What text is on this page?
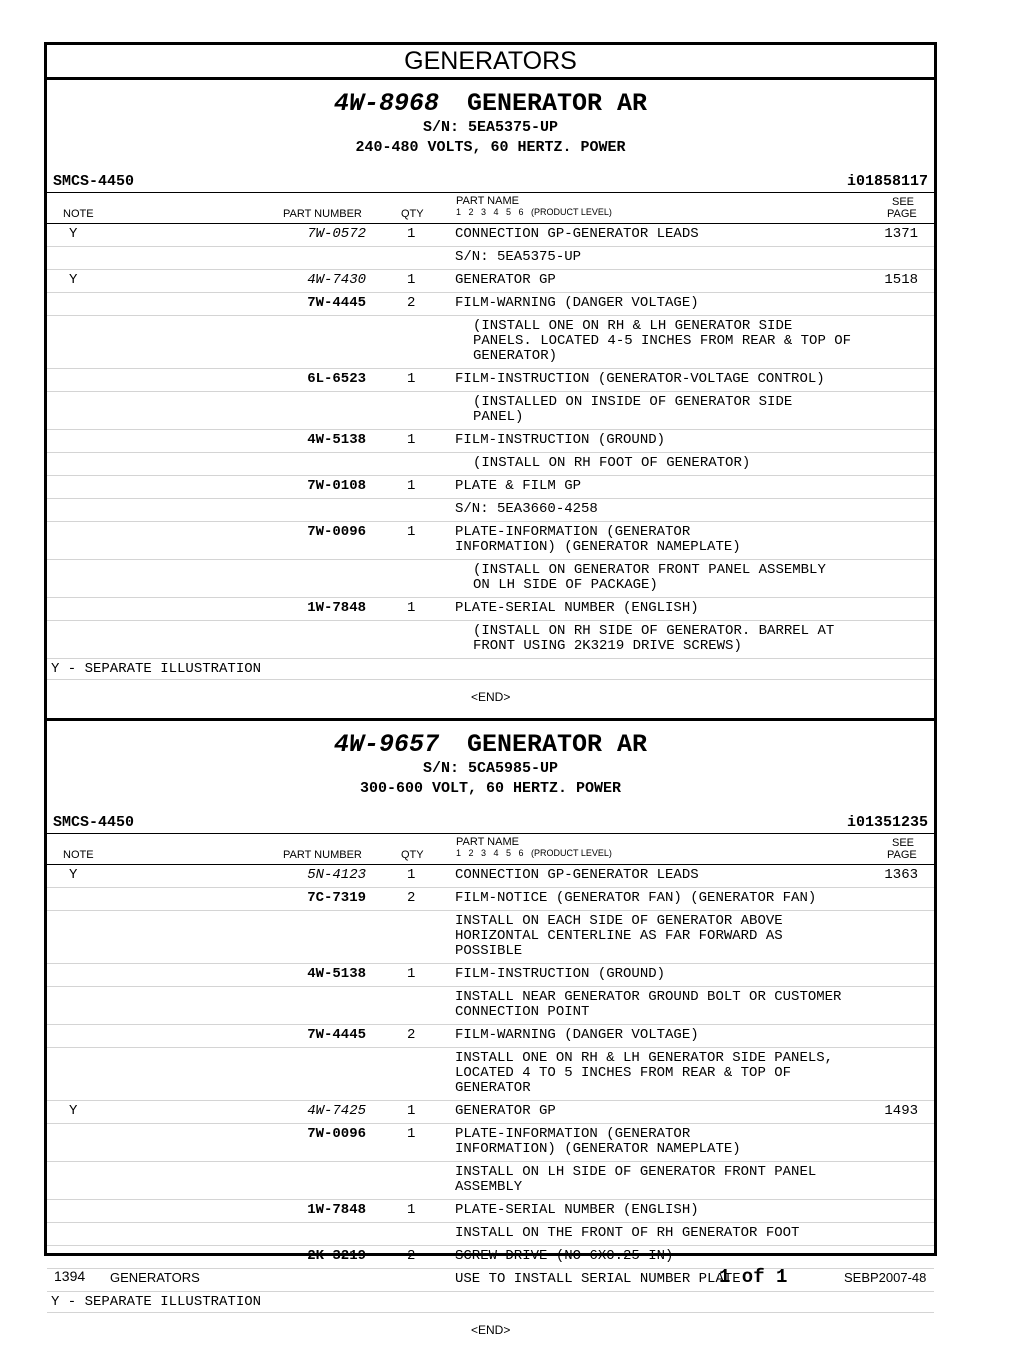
GENERATORS
4W-8968 GENERATOR AR
S/N: 5EA5375-UP
240-480 VOLTS, 60 HERTZ. POWER
SMCS-4450	i01858117
NOTE	PART NUMBER	QTY
PART NAME
1   2   3   4   5   6   (PRODUCT LEVEL)
SEE
PAGE
Y	7W-0572	1	CONNECTION GP-GENERATOR LEADS	1371
S/N: 5EA5375-UP
Y	4W-7430	1	GENERATOR GP	1518
7W-4445	2	FILM-WARNING (DANGER VOLTAGE)
(INSTALL ONE ON RH & LH GENERATOR SIDE
PANELS. LOCATED 4-5 INCHES FROM REAR & TOP OF
GENERATOR)
6L-6523	1	FILM-INSTRUCTION (GENERATOR-VOLTAGE CONTROL)
(INSTALLED ON INSIDE OF GENERATOR SIDE
PANEL)
4W-5138	1	FILM-INSTRUCTION (GROUND)
(INSTALL ON RH FOOT OF GENERATOR)
7W-0108	1	PLATE & FILM GP
S/N: 5EA3660-4258
7W-0096	1	PLATE-INFORMATION (GENERATOR
INFORMATION) (GENERATOR NAMEPLATE)
(INSTALL ON GENERATOR FRONT PANEL ASSEMBLY
ON LH SIDE OF PACKAGE)
1W-7848	1	PLATE-SERIAL NUMBER (ENGLISH)
(INSTALL ON RH SIDE OF GENERATOR. BARREL AT
FRONT USING 2K3219 DRIVE SCREWS)
Y - SEPARATE ILLUSTRATION
<END>
4W-9657 GENERATOR AR
S/N: 5CA5985-UP
300-600 VOLT, 60 HERTZ. POWER
SMCS-4450	i01351235
NOTE	PART NUMBER	QTY
PART NAME
1   2   3   4   5   6   (PRODUCT LEVEL)
SEE
PAGE
Y	5N-4123	1	CONNECTION GP-GENERATOR LEADS	1363
7C-7319	2	FILM-NOTICE (GENERATOR FAN) (GENERATOR FAN)
INSTALL ON EACH SIDE OF GENERATOR ABOVE
HORIZONTAL CENTERLINE AS FAR FORWARD AS
POSSIBLE
4W-5138	1	FILM-INSTRUCTION (GROUND)
INSTALL NEAR GENERATOR GROUND BOLT OR CUSTOMER
CONNECTION POINT
7W-4445	2	FILM-WARNING (DANGER VOLTAGE)
INSTALL ONE ON RH & LH GENERATOR SIDE PANELS,
LOCATED 4 TO 5 INCHES FROM REAR & TOP OF
GENERATOR
Y	4W-7425	1	GENERATOR GP	1493
7W-0096	1	PLATE-INFORMATION (GENERATOR
INFORMATION) (GENERATOR NAMEPLATE)
INSTALL ON LH SIDE OF GENERATOR FRONT PANEL
ASSEMBLY
1W-7848	1	PLATE-SERIAL NUMBER (ENGLISH)
INSTALL ON THE FRONT OF RH GENERATOR FOOT
2K-3219	2	SCREW-DRIVE (NO 6X0.25-IN)
USE TO INSTALL SERIAL NUMBER PLATE
Y - SEPARATE ILLUSTRATION
<END>
1394 GENERATORS	1 of 1	SEBP2007-48
